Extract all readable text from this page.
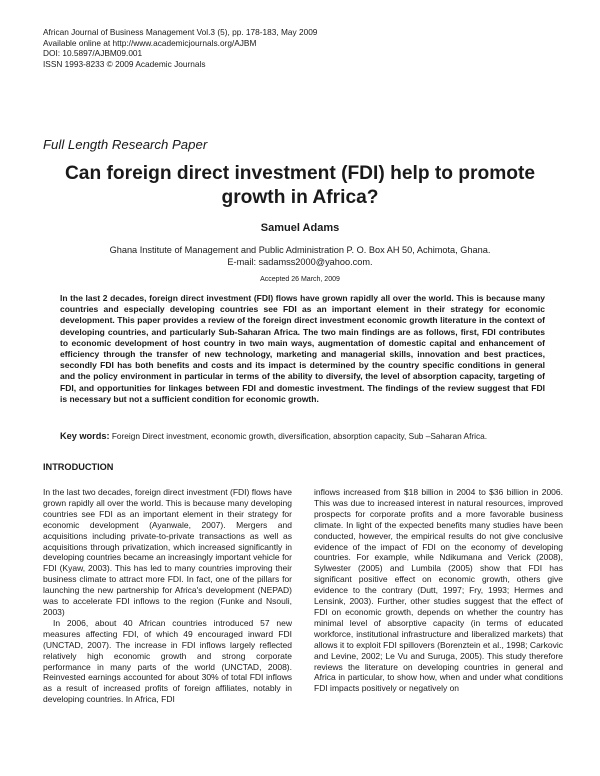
African Journal of Business Management Vol.3 (5), pp. 178-183, May 2009
Available online at http://www.academicjournals.org/AJBM
DOI: 10.5897/AJBM09.001
ISSN 1993-8233 © 2009 Academic Journals
Full Length Research Paper
Can foreign direct investment (FDI) help to promote growth in Africa?
Samuel Adams
Ghana Institute of Management and Public Administration P. O. Box AH 50, Achimota, Ghana.
E-mail: sadamss2000@yahoo.com.
Accepted 26 March, 2009

In the last 2 decades, foreign direct investment (FDI) flows have grown rapidly all over the world. This is because many countries and especially developing countries see FDI as an important element in their strategy for economic development. This paper provides a review of the foreign direct investment economic growth literature in the context of developing countries, and particularly Sub-Saharan Africa. The two main findings are as follows, first, FDI contributes to economic development of host country in two main ways, augmentation of domestic capital and enhancement of efficiency through the transfer of new technology, marketing and managerial skills, innovation and best practices, secondly FDI has both benefits and costs and its impact is determined by the country specific conditions in general and the policy environment in particular in terms of the ability to diversify, the level of absorption capacity, targeting of FDI, and opportunities for linkages between FDI and domestic investment. The findings of the review suggest that FDI is necessary but not a sufficient condition for economic growth.

Key words: Foreign Direct investment, economic growth, diversification, absorption capacity, Sub –Saharan Africa.
INTRODUCTION

In the last two decades, foreign direct investment (FDI) flows have grown rapidly all over the world. This is because many developing countries see FDI as an important element in their strategy for economic development (Ayanwale, 2007). Mergers and acquisitions including private-to-private transactions as well as acquisitions through privatization, which increased significantly in developing countries became an increasingly important vehicle for FDI (Kyaw, 2003). This has led to many countries improving their business climate to attract more FDI. In fact, one of the pillars for launching the new partnership for Africa's development (NEPAD) was to accelerate FDI inflows to the region (Funke and Nsouli, 2003)

In 2006, about 40 African countries introduced 57 new measures affecting FDI, of which 49 encouraged inward FDI (UNCTAD, 2007). The increase in FDI inflows largely reflected relatively high economic growth and strong corporate performance in many parts of the world (UNCTAD, 2008). Reinvested earnings accounted for about 30% of total FDI inflows as a result of increased profits of foreign affiliates, notably in developing countries. In Africa, FDI

inflows increased from $18 billion in 2004 to $36 billion in 2006. This was due to increased interest in natural resources, improved prospects for corporate profits and a more favorable business climate. In light of the expected benefits many studies have been conducted, however, the empirical results do not give conclusive evidence of the impact of FDI on the economy of developing countries. For example, while Ndikumana and Verick (2008), Sylwester (2005) and Lumbila (2005) show that FDI has significant positive effect on economic growth, others give evidence to the contrary (Dutt, 1997; Fry, 1993; Hermes and Lensink, 2003). Further, other studies suggest that the effect of FDI on economic growth, depends on whether the country has minimal level of absorptive capacity (in terms of educated workforce, institutional infrastructure and liberalized markets) that allows it to exploit FDI spillovers (Borenztein et al., 1998; Carkovic and Levine, 2002; Le Vu and Suruga, 2005). This study therefore reviews the literature on developing countries in general and Africa in particular, to show how, when and under what conditions FDI impacts positively or negatively on
